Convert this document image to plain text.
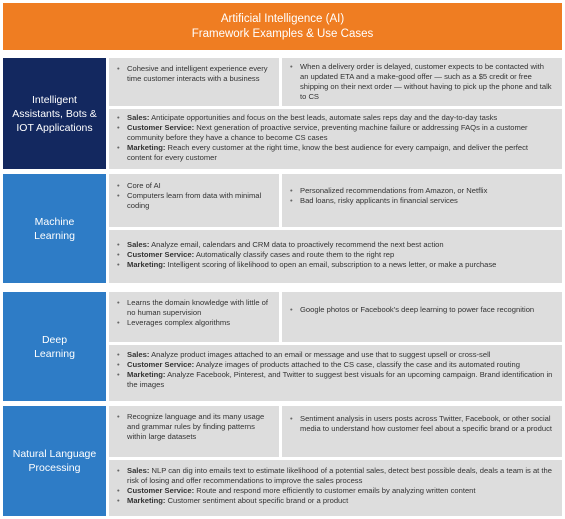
Artificial Intelligence (AI)
Framework Examples & Use Cases
Intelligent
Assistants, Bots &
IOT Applications
• Cohesive and intelligent experience every time customer interacts with a business
• When a delivery order is delayed, customer expects to be contacted with an updated ETA and a make-good offer — such as a $5 credit or free shipping on their next order — without having to pick up the phone and talk to CS
• Sales: Anticipate opportunities and focus on the best leads, automate sales reps day and the day-to-day tasks
• Customer Service: Next generation of proactive service, preventing machine failure or addressing FAQs in a customer community before they have a chance to become CS cases
• Marketing: Reach every customer at the right time, know the best audience for every campaign, and deliver the perfect content for every customer
Machine
Learning
• Core of AI
• Computers learn from data with minimal coding
• Personalized recommendations from Amazon, or Netflix
• Bad loans, risky applicants in financial services
• Sales: Analyze email, calendars and CRM data to proactively recommend the next best action
• Customer Service: Automatically classify cases and route them to the right rep
• Marketing: Intelligent scoring of likelihood to open an email, subscription to a news letter, or make a purchase
Deep
Learning
• Learns the domain knowledge with little of no human supervision
• Leverages complex algorithms
• Google photos or Facebook’s deep learning to power face recognition
• Sales: Analyze product images attached to an email or message and use that to suggest upsell or cross-sell
• Customer Service: Analyze images of products attached to the CS case, classify the case and its automated routing
• Marketing: Analyze Facebook, Pinterest, and Twitter to suggest best visuals for an upcoming campaign. Brand identification in the images
Natural Language
Processing
• Recognize language and its many usage and grammar rules by finding patterns within large datasets
• Sentiment analysis in users posts across Twitter, Facebook, or other social media to understand how customer feel about a specific brand or a product
• Sales: NLP can dig into emails text to estimate likelihood of a potential sales, detect best possible deals, deals a team is at the risk of losing and offer recommendations to improve the sales process
• Customer Service: Route and respond more efficiently to customer emails by analyzing written content
• Marketing: Customer sentiment about specific brand or a product
